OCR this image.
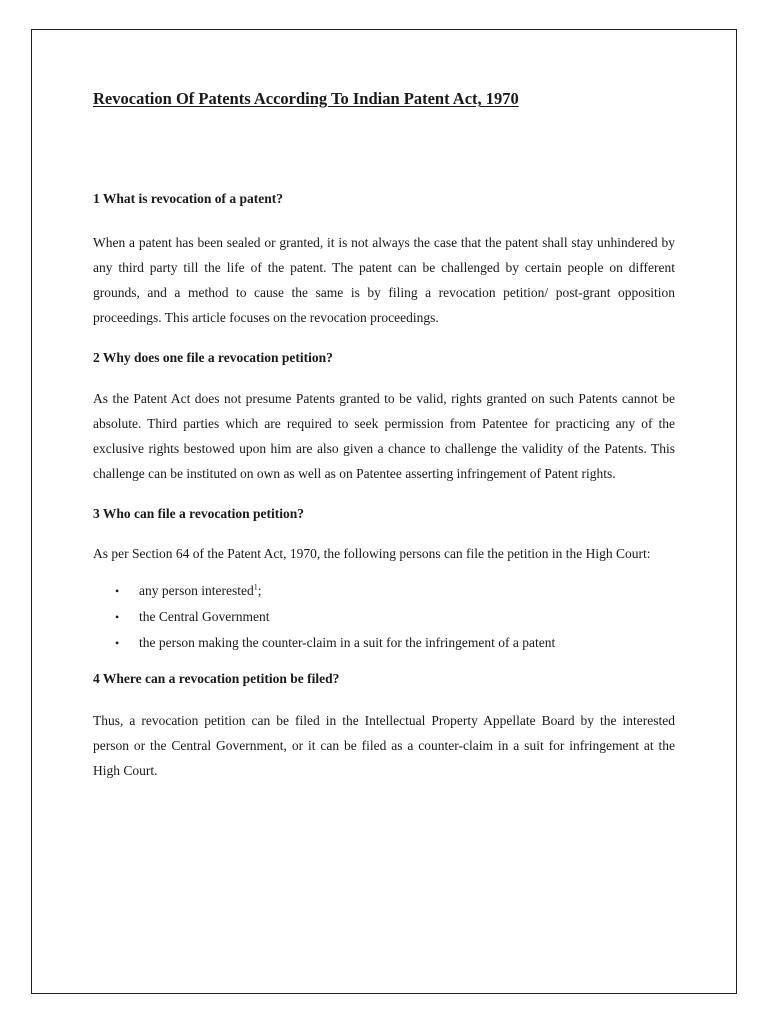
Revocation Of Patents According To Indian Patent Act, 1970
1 What is revocation of a patent?

When a patent has been sealed or granted, it is not always the case that the patent shall stay unhindered by any third party till the life of the patent. The patent can be challenged by certain people on different grounds, and a method to cause the same is by filing a revocation petition/ post-grant opposition proceedings. This article focuses on the revocation proceedings.

2 Why does one file a revocation petition?

As the Patent Act does not presume Patents granted to be valid, rights granted on such Patents cannot be absolute. Third parties which are required to seek permission from Patentee for practicing any of the exclusive rights bestowed upon him are also given a chance to challenge the validity of the Patents. This challenge can be instituted on own as well as on Patentee asserting infringement of Patent rights.

3 Who can file a revocation petition?

As per Section 64 of the Patent Act, 1970, the following persons can file the petition in the High Court:

• any person interested$^1$;
• the Central Government
• the person making the counter-claim in a suit for the infringement of a patent
4 Where can a revocation petition be filed?

Thus, a revocation petition can be filed in the Intellectual Property Appellate Board by the interested person or the Central Government, or it can be filed as a counter-claim in a suit for infringement at the High Court.
